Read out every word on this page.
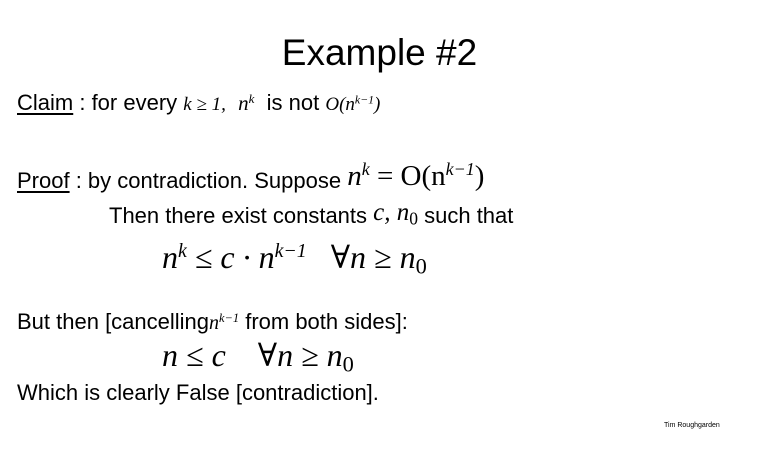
Example #2
Claim : for every k ≥ 1, $n^k$  is not $O(n^{k-1})$
Proof : by contradiction. Suppose $n^k = O(n^{k-1})$
Then there exist constants c, $n_0$ such that
$n^k \le c \cdot n^{k-1}$ ∀n ≥ $n_0$
But then [cancellingn$^{k-1}$ from both sides]:
n ≤ c ∀n ≥ $n_0$
Which is clearly False [contradiction].
Tim Roughgarden
